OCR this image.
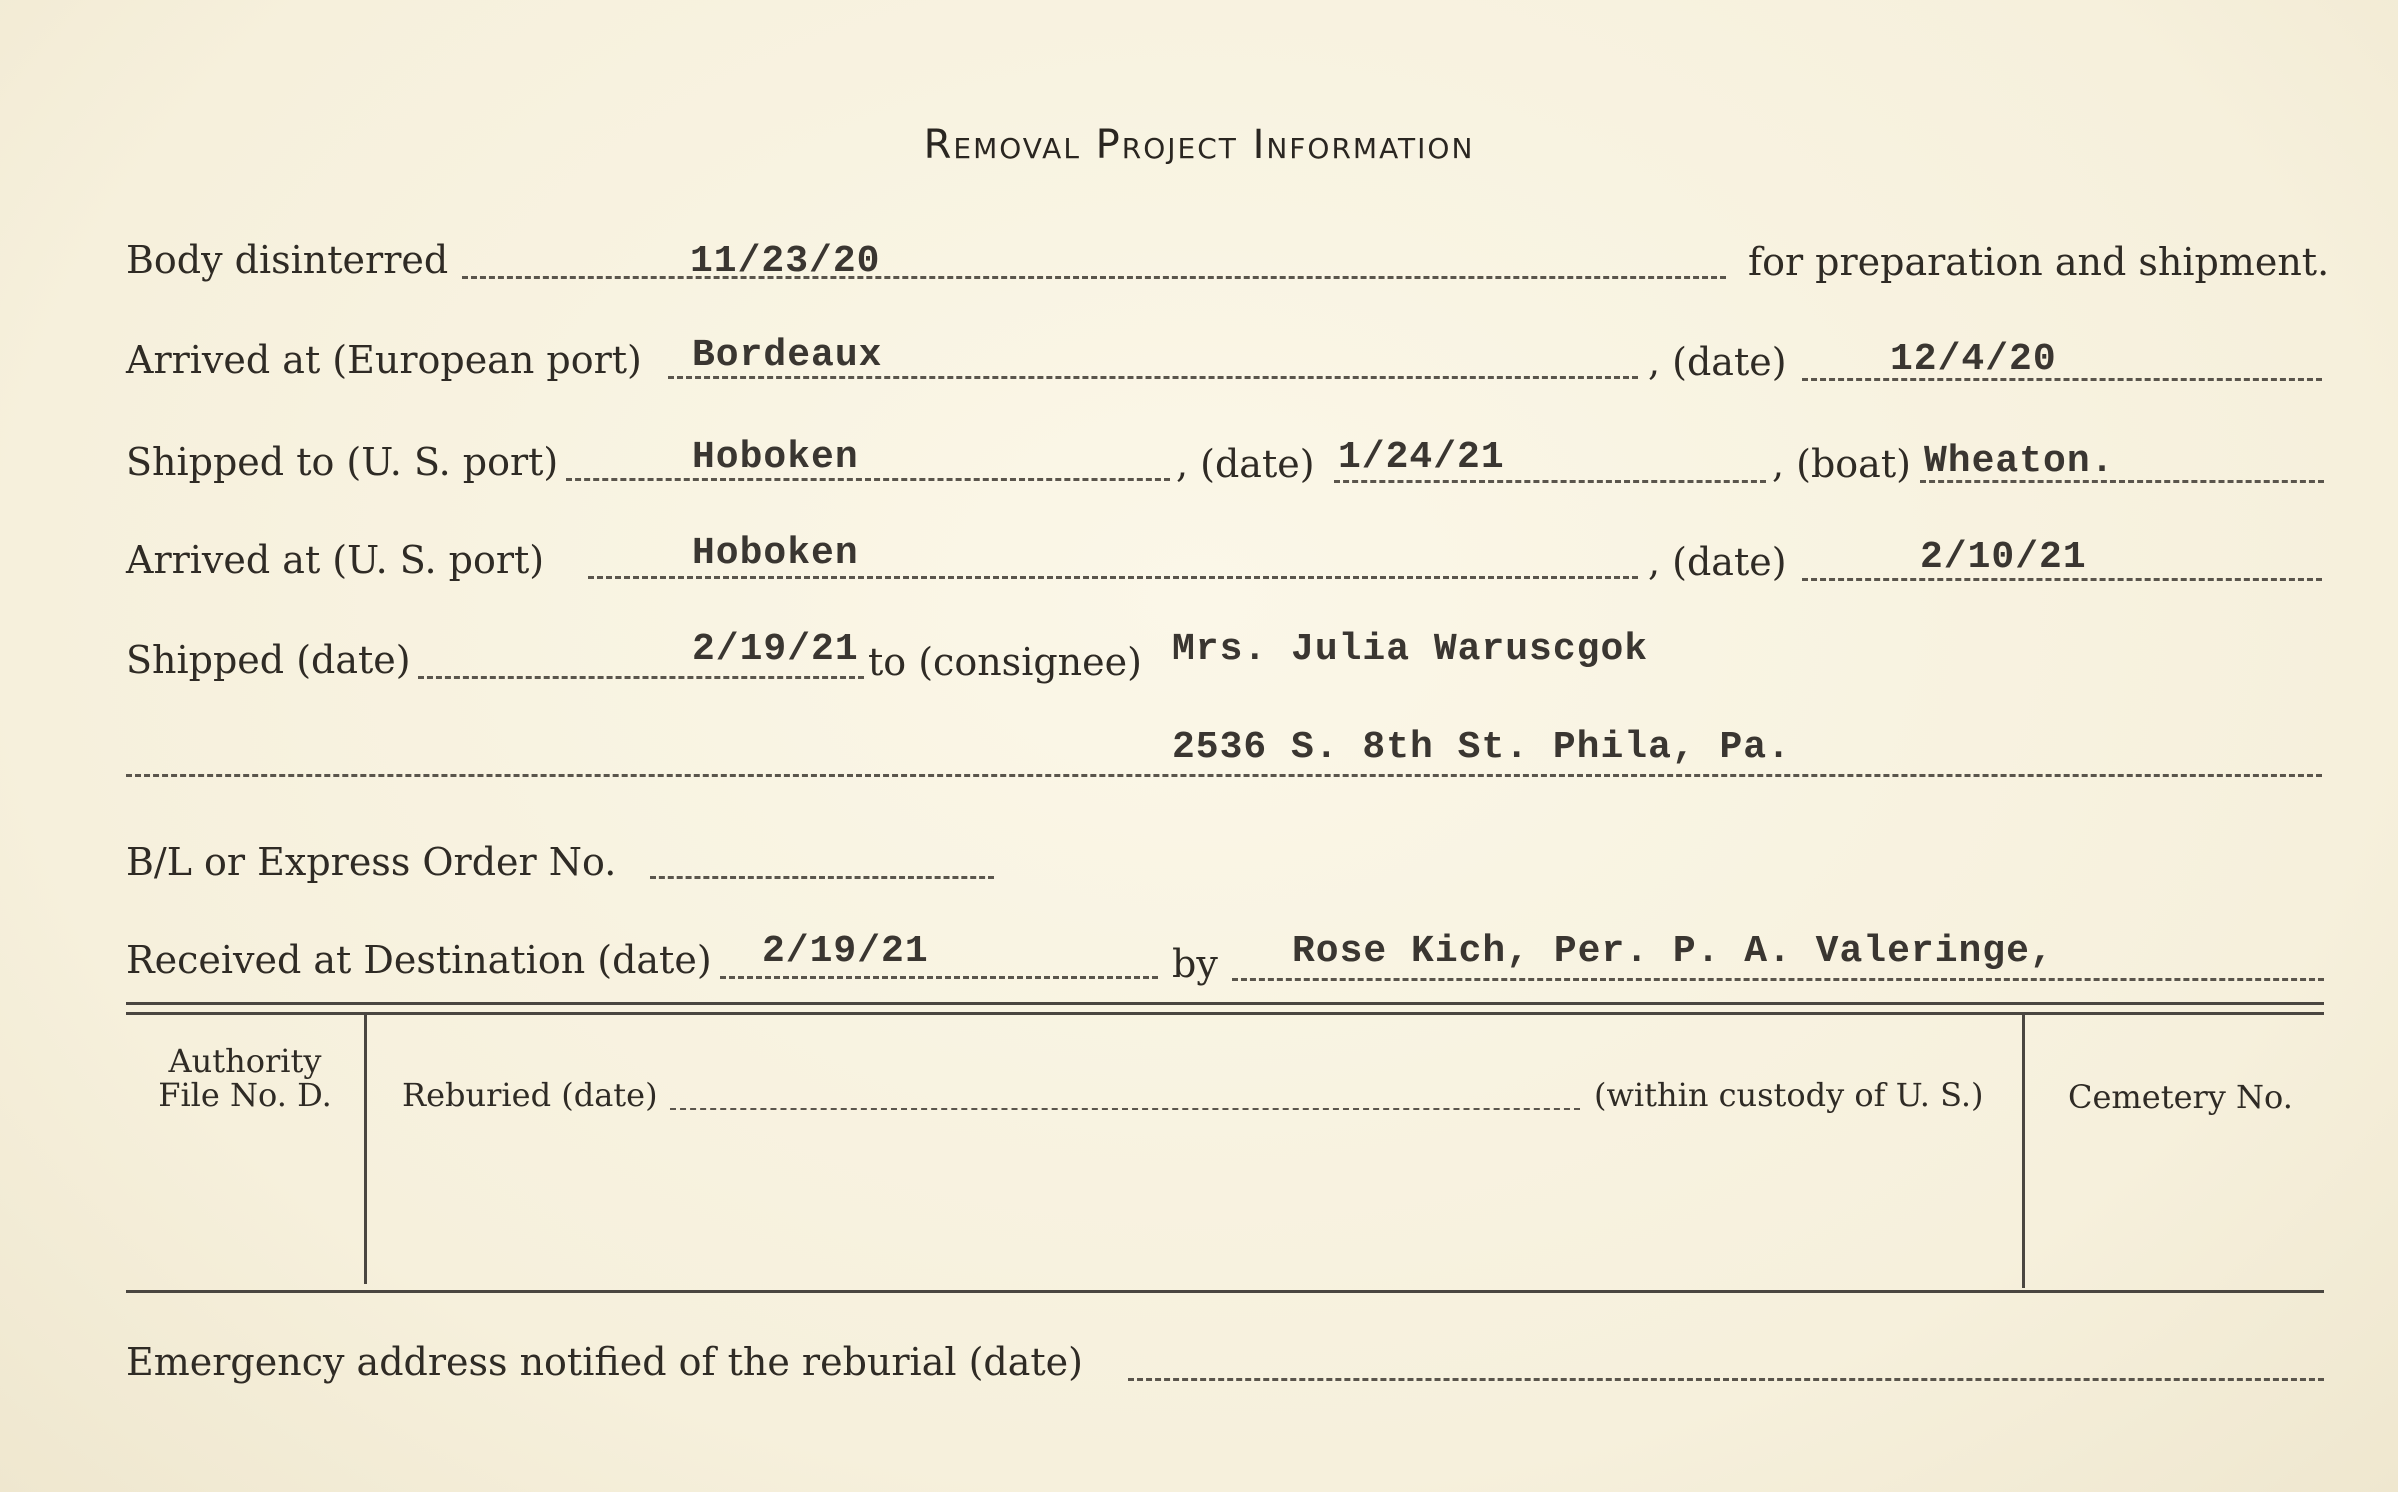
Removal Project Information
Body disinterred	11/23/20	for preparation and shipment.
Arrived at (European port) Bordeaux	, (date)	12/4/20
Shipped to (U. S. port)	Hoboken	, (date) 1/24/21	, (boat) Wheaton.
Arrived at (U. S. port)	Hoboken	, (date)	2/10/21
Shipped (date)	2/19/21 to (consignee) Mrs. Julia Waruscgok
2536 S. 8th St. Phila, Pa.
B/L or Express Order No.
Received at Destination (date) 2/19/21	by Rose Kich, Per. P. A. Valeringe,
Authority
File No. D.	Reburied (date)	(within custody of U. S.)	Cemetery No.
Emergency address notified of the reburial (date)
